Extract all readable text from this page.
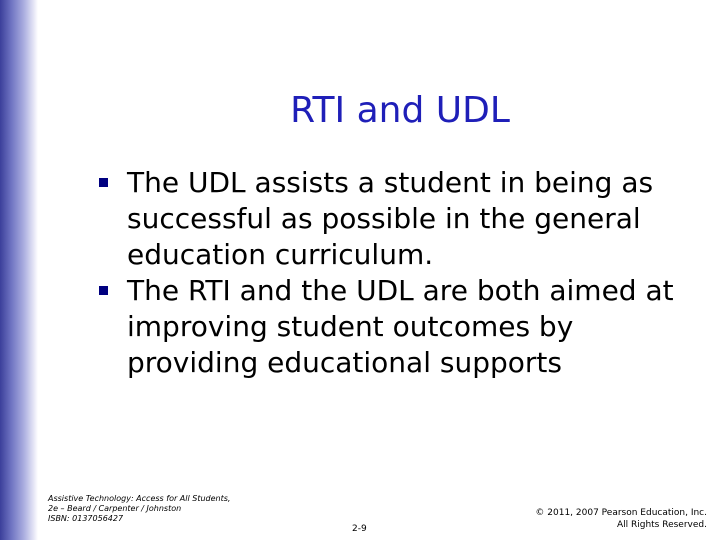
RTI and UDL
The UDL assists a student in being as
successful as possible in the general
education curriculum.
The RTI and the UDL are both aimed at
improving student outcomes by
providing educational supports
Assistive Technology: Access for All Students,
2e – Beard / Carpenter / Johnston
ISBN: 0137056427
2-9
© 2011, 2007 Pearson Education, Inc.
All Rights Reserved.
